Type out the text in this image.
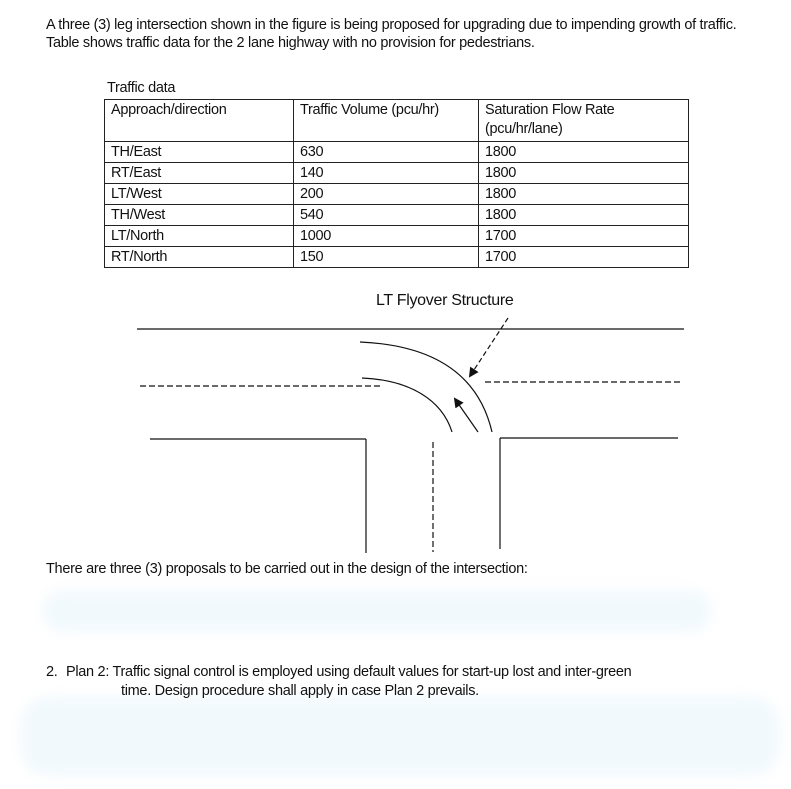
A three (3) leg intersection shown in the figure is being proposed for upgrading due to impending growth of traffic.

Table shows traffic data for the 2 lane highway with no provision for pedestrians.

Traffic data
Approach/direction	Traffic Volume (pcu/hr)	Saturation Flow Rate (pcu/hr/lane)
TH/East	630	1800
RT/East	140	1800
LT/West	200	1800
TH/West	540	1800
LT/North	1000	1700
RT/North	150	1700
LT Flyover Structure
There are three (3) proposals to be carried out in the design of the intersection:
2. Plan 2: Traffic signal control is employed using default values for start-up lost and inter-green
time. Design procedure shall apply in case Plan 2 prevails.
